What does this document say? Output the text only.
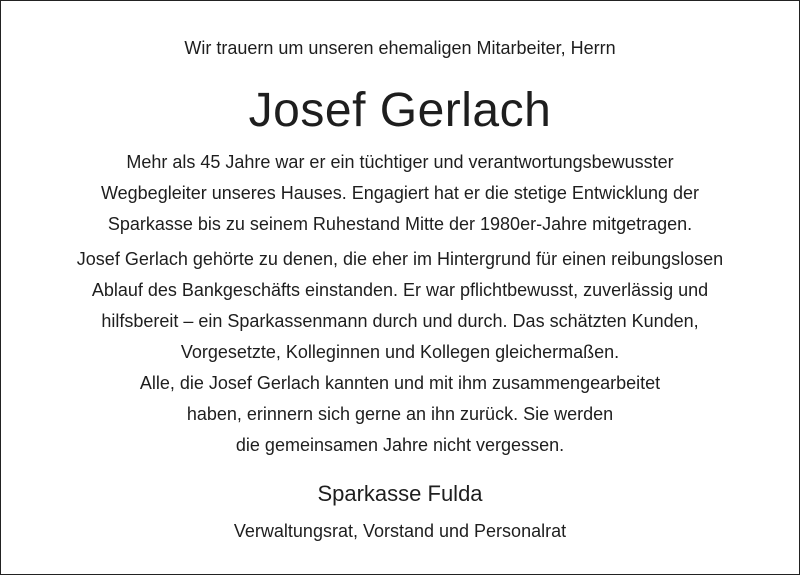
Wir trauern um unseren ehemaligen Mitarbeiter, Herrn
Josef Gerlach
Mehr als 45 Jahre war er ein tüchtiger und verantwortungsbewusster
Wegbegleiter unseres Hauses. Engagiert hat er die stetige Entwicklung der
Sparkasse bis zu seinem Ruhestand Mitte der 1980er-Jahre mitgetragen.
Josef Gerlach gehörte zu denen, die eher im Hintergrund für einen reibungslosen
Ablauf des Bankgeschäfts einstanden. Er war pflichtbewusst, zuverlässig und
hilfsbereit – ein Sparkassenmann durch und durch. Das schätzten Kunden,
Vorgesetzte, Kolleginnen und Kollegen gleichermaßen.
Alle, die Josef Gerlach kannten und mit ihm zusammengearbeitet
haben, erinnern sich gerne an ihn zurück. Sie werden
die gemeinsamen Jahre nicht vergessen.
Sparkasse Fulda
Verwaltungsrat, Vorstand und Personalrat
